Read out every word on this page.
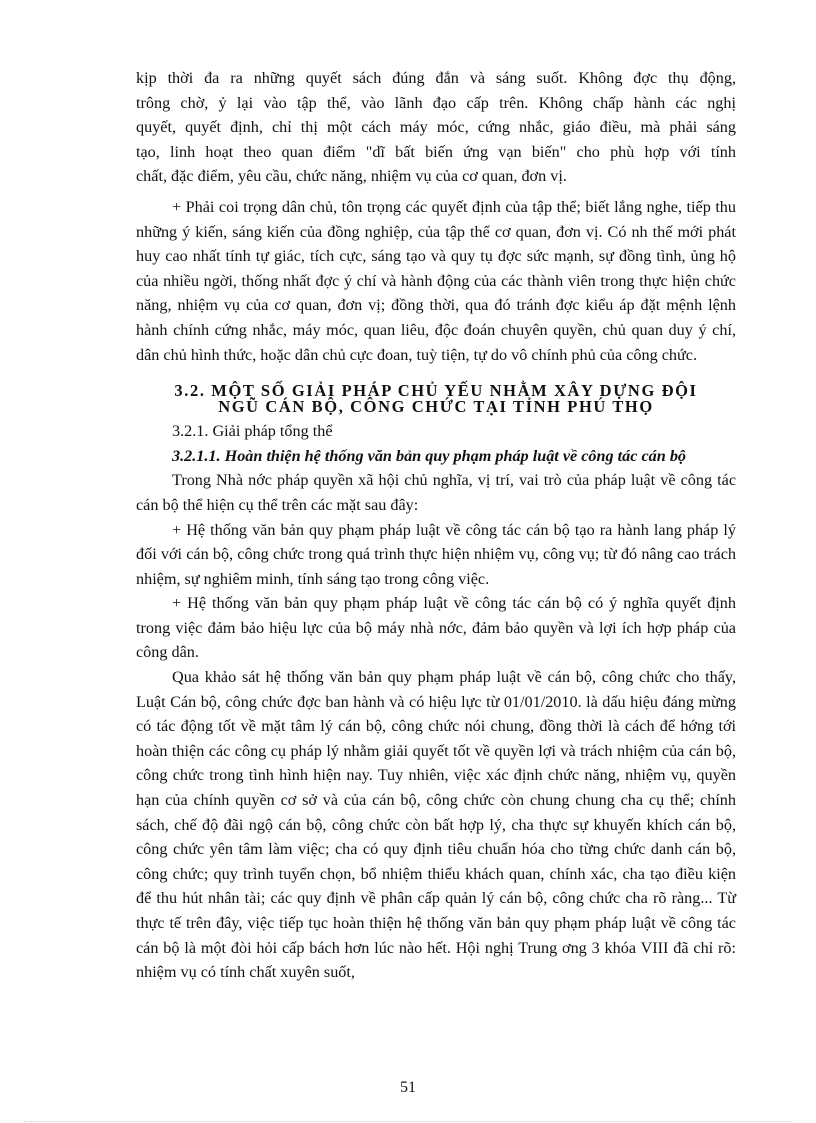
kịp thời đa ra những quyết sách đúng đắn và sáng suốt. Không đợc thụ động,
trông chờ, ỷ lại vào tập thể, vào lãnh đạo cấp trên. Không chấp hành các nghị
quyết, quyết định, chỉ thị một cách máy móc, cứng nhắc, giáo điều, mà phải sáng
tạo, linh hoạt theo quan điểm "dĩ bất biến ứng vạn biến" cho phù hợp với tính
chất, đặc điểm, yêu cầu, chức năng, nhiệm vụ của cơ quan, đơn vị.

+ Phải coi trọng dân chủ, tôn trọng các quyết định của tập thể; biết lắng nghe, tiếp thu những ý kiến, sáng kiến của đồng nghiệp, của tập thể cơ quan, đơn vị. Có nh thế mới phát huy cao nhất tính tự giác, tích cực, sáng tạo và quy tụ đợc sức mạnh, sự đồng tình, ủng hộ của nhiều ngời, thống nhất đợc ý chí và hành động của các thành viên trong thực hiện chức năng, nhiệm vụ của cơ quan, đơn vị; đồng thời, qua đó tránh đợc kiểu áp đặt mệnh lệnh hành chính cứng nhắc, máy móc, quan liêu, độc đoán chuyên quyền, chủ quan duy ý chí, dân chủ hình thức, hoặc dân chủ cực đoan, tuỳ tiện, tự do vô chính phủ của công chức.

3.2. MỘT SỐ GIẢI PHÁP CHỦ YẾU NHẰM XÂY DỰNG ĐỘI
NGŨ CÁN BỘ, CÔNG CHỨC TẠI TỈNH PHÚ THỌ

3.2.1. Giải pháp tổng thể

3.2.1.1. Hoàn thiện hệ thống văn bản quy phạm pháp luật về công tác cán bộ

Trong Nhà nớc pháp quyền xã hội chủ nghĩa, vị trí, vai trò của pháp luật về công tác cán bộ thể hiện cụ thể trên các mặt sau đây:

+ Hệ thống văn bản quy phạm pháp luật về công tác cán bộ tạo ra hành lang pháp lý đối với cán bộ, công chức trong quá trình thực hiện nhiệm vụ, công vụ; từ đó nâng cao trách nhiệm, sự nghiêm minh, tính sáng tạo trong công việc.

+ Hệ thống văn bản quy phạm pháp luật về công tác cán bộ có ý nghĩa quyết định trong việc đảm bảo hiệu lực của bộ máy nhà nớc, đảm bảo quyền và lợi ích hợp pháp của công dân.

Qua khảo sát hệ thống văn bản quy phạm pháp luật về cán bộ, công chức cho thấy, Luật Cán bộ, công chức đợc ban hành và có hiệu lực từ 01/01/2010. là dấu hiệu đáng mừng có tác động tốt về mặt tâm lý cán bộ, công chức nói chung, đồng thời là cách để hớng tới hoàn thiện các công cụ pháp lý nhằm giải quyết tốt về quyền lợi và trách nhiệm của cán bộ, công chức trong tình hình hiện nay. Tuy nhiên, việc xác định chức năng, nhiệm vụ, quyền hạn của chính quyền cơ sở và của cán bộ, công chức còn chung chung cha cụ thể; chính sách, chế độ đãi ngộ cán bộ, công chức còn bất hợp lý, cha thực sự khuyến khích cán bộ, công chức yên tâm làm việc; cha có quy định tiêu chuẩn hóa cho từng chức danh cán bộ, công chức; quy trình tuyển chọn, bổ nhiệm thiếu khách quan, chính xác, cha tạo điều kiện để thu hút nhân tài; các quy định về phân cấp quản lý cán bộ, công chức cha rõ ràng... Từ thực tế trên đây, việc tiếp tục hoàn thiện hệ thống văn bản quy phạm pháp luật về công tác cán bộ là một đòi hỏi cấp bách hơn lúc nào hết. Hội nghị Trung ơng 3 khóa VIII đã chỉ rõ: nhiệm vụ có tính chất xuyên suốt,

51
